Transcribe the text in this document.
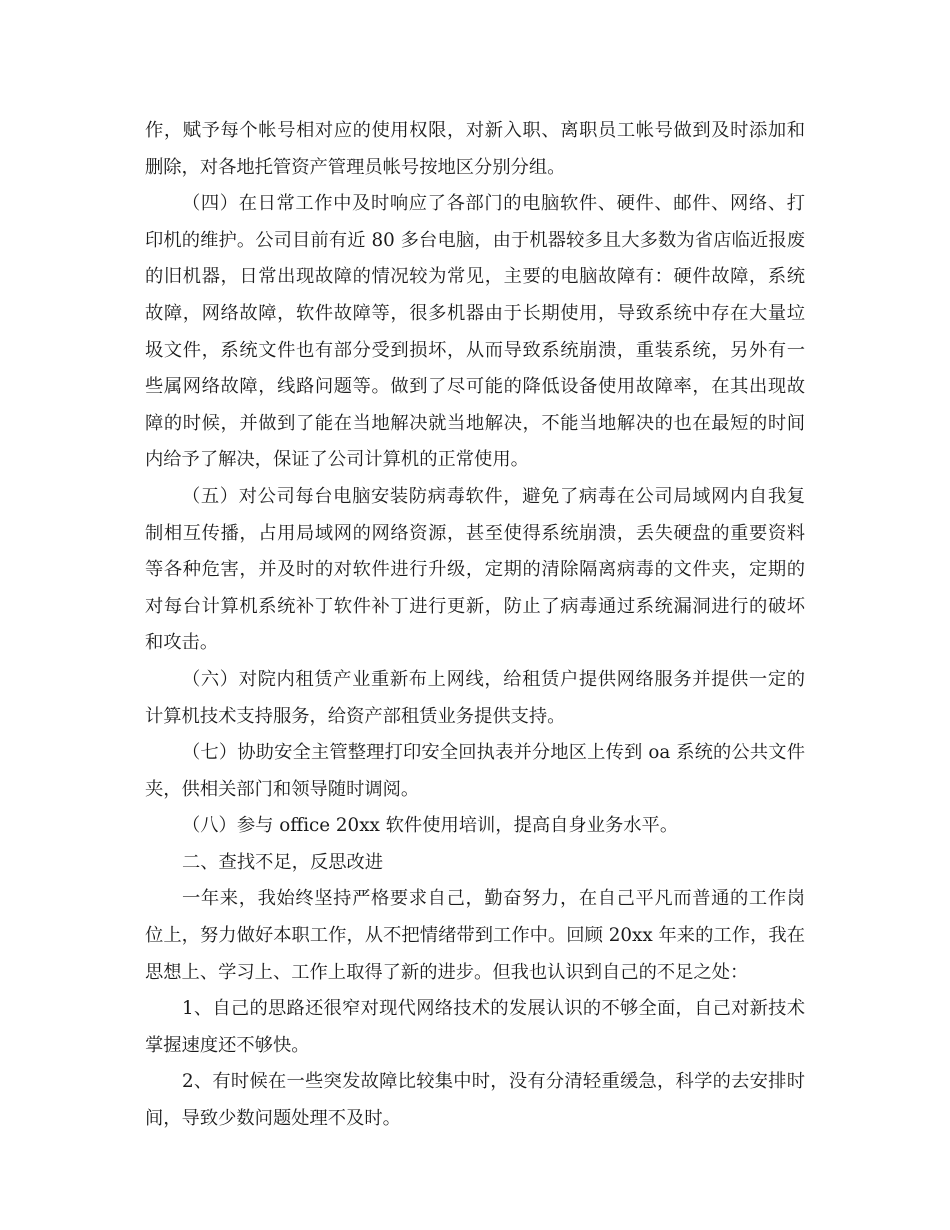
作，赋予每个帐号相对应的使用权限，对新入职、离职员工帐号做到及时添加和
删除，对各地托管资产管理员帐号按地区分别分组。
（四）在日常工作中及时响应了各部门的电脑软件、硬件、邮件、网络、打
印机的维护。公司目前有近 80 多台电脑，由于机器较多且大多数为省店临近报废
的旧机器，日常出现故障的情况较为常见，主要的电脑故障有：硬件故障，系统
故障，网络故障，软件故障等，很多机器由于长期使用，导致系统中存在大量垃
圾文件，系统文件也有部分受到损坏，从而导致系统崩溃，重装系统，另外有一
些属网络故障，线路问题等。做到了尽可能的降低设备使用故障率，在其出现故
障的时候，并做到了能在当地解决就当地解决，不能当地解决的也在最短的时间
内给予了解决，保证了公司计算机的正常使用。
（五）对公司每台电脑安装防病毒软件，避免了病毒在公司局域网内自我复
制相互传播，占用局域网的网络资源，甚至使得系统崩溃，丢失硬盘的重要资料
等各种危害，并及时的对软件进行升级，定期的清除隔离病毒的文件夹，定期的
对每台计算机系统补丁软件补丁进行更新，防止了病毒通过系统漏洞进行的破坏
和攻击。
（六）对院内租赁产业重新布上网线，给租赁户提供网络服务并提供一定的
计算机技术支持服务，给资产部租赁业务提供支持。
（七）协助安全主管整理打印安全回执表并分地区上传到 oa 系统的公共文件
夹，供相关部门和领导随时调阅。
（八）参与 office 20xx 软件使用培训，提高自身业务水平。
二、查找不足，反思改进
一年来，我始终坚持严格要求自己，勤奋努力，在自己平凡而普通的工作岗
位上，努力做好本职工作，从不把情绪带到工作中。回顾 20xx 年来的工作，我在
思想上、学习上、工作上取得了新的进步。但我也认识到自己的不足之处：
1、自己的思路还很窄对现代网络技术的发展认识的不够全面，自己对新技术
掌握速度还不够快。
2、有时候在一些突发故障比较集中时，没有分清轻重缓急，科学的去安排时
间，导致少数问题处理不及时。
